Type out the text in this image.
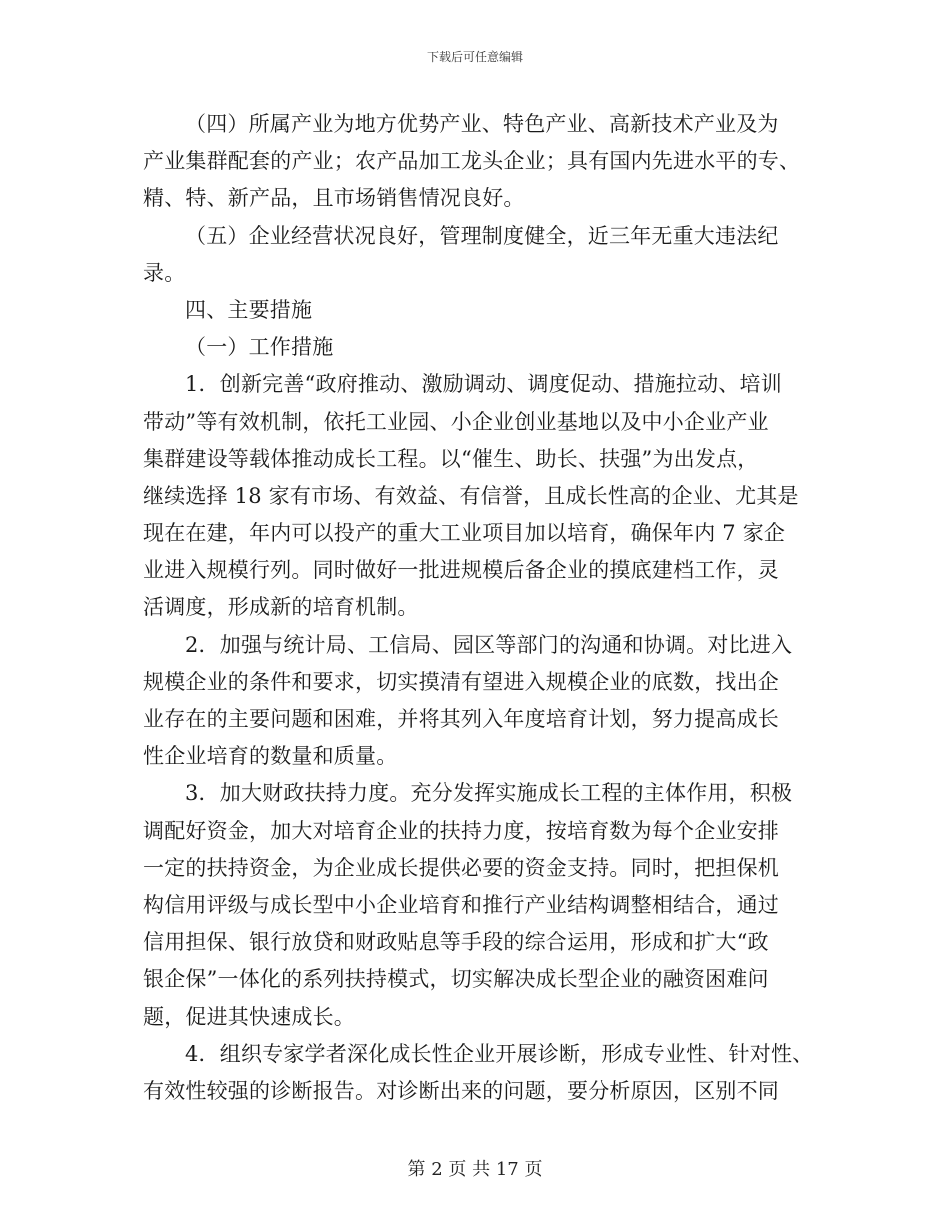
下载后可任意编辑
（四）所属产业为地方优势产业、特色产业、高新技术产业及为
产业集群配套的产业；农产品加工龙头企业；具有国内先进水平的专、
精、特、新产品，且市场销售情况良好。
（五）企业经营状况良好，管理制度健全，近三年无重大违法纪
录。
四、主要措施
（一）工作措施
1．创新完善“政府推动、激励调动、调度促动、措施拉动、培训
带动”等有效机制，依托工业园、小企业创业基地以及中小企业产业
集群建设等载体推动成长工程。以“催生、助长、扶强”为出发点，
继续选择 18 家有市场、有效益、有信誉，且成长性高的企业、尤其是
现在在建，年内可以投产的重大工业项目加以培育，确保年内 7 家企
业进入规模行列。同时做好一批进规模后备企业的摸底建档工作，灵
活调度，形成新的培育机制。
2．加强与统计局、工信局、园区等部门的沟通和协调。对比进入
规模企业的条件和要求，切实摸清有望进入规模企业的底数，找出企
业存在的主要问题和困难，并将其列入年度培育计划，努力提高成长
性企业培育的数量和质量。
3．加大财政扶持力度。充分发挥实施成长工程的主体作用，积极
调配好资金，加大对培育企业的扶持力度，按培育数为每个企业安排
一定的扶持资金，为企业成长提供必要的资金支持。同时，把担保机
构信用评级与成长型中小企业培育和推行产业结构调整相结合，通过
信用担保、银行放贷和财政贴息等手段的综合运用，形成和扩大“政
银企保”一体化的系列扶持模式，切实解决成长型企业的融资困难问
题，促进其快速成长。
4．组织专家学者深化成长性企业开展诊断，形成专业性、针对性、
有效性较强的诊断报告。对诊断出来的问题，要分析原因，区别不同
第 2 页 共 17 页
